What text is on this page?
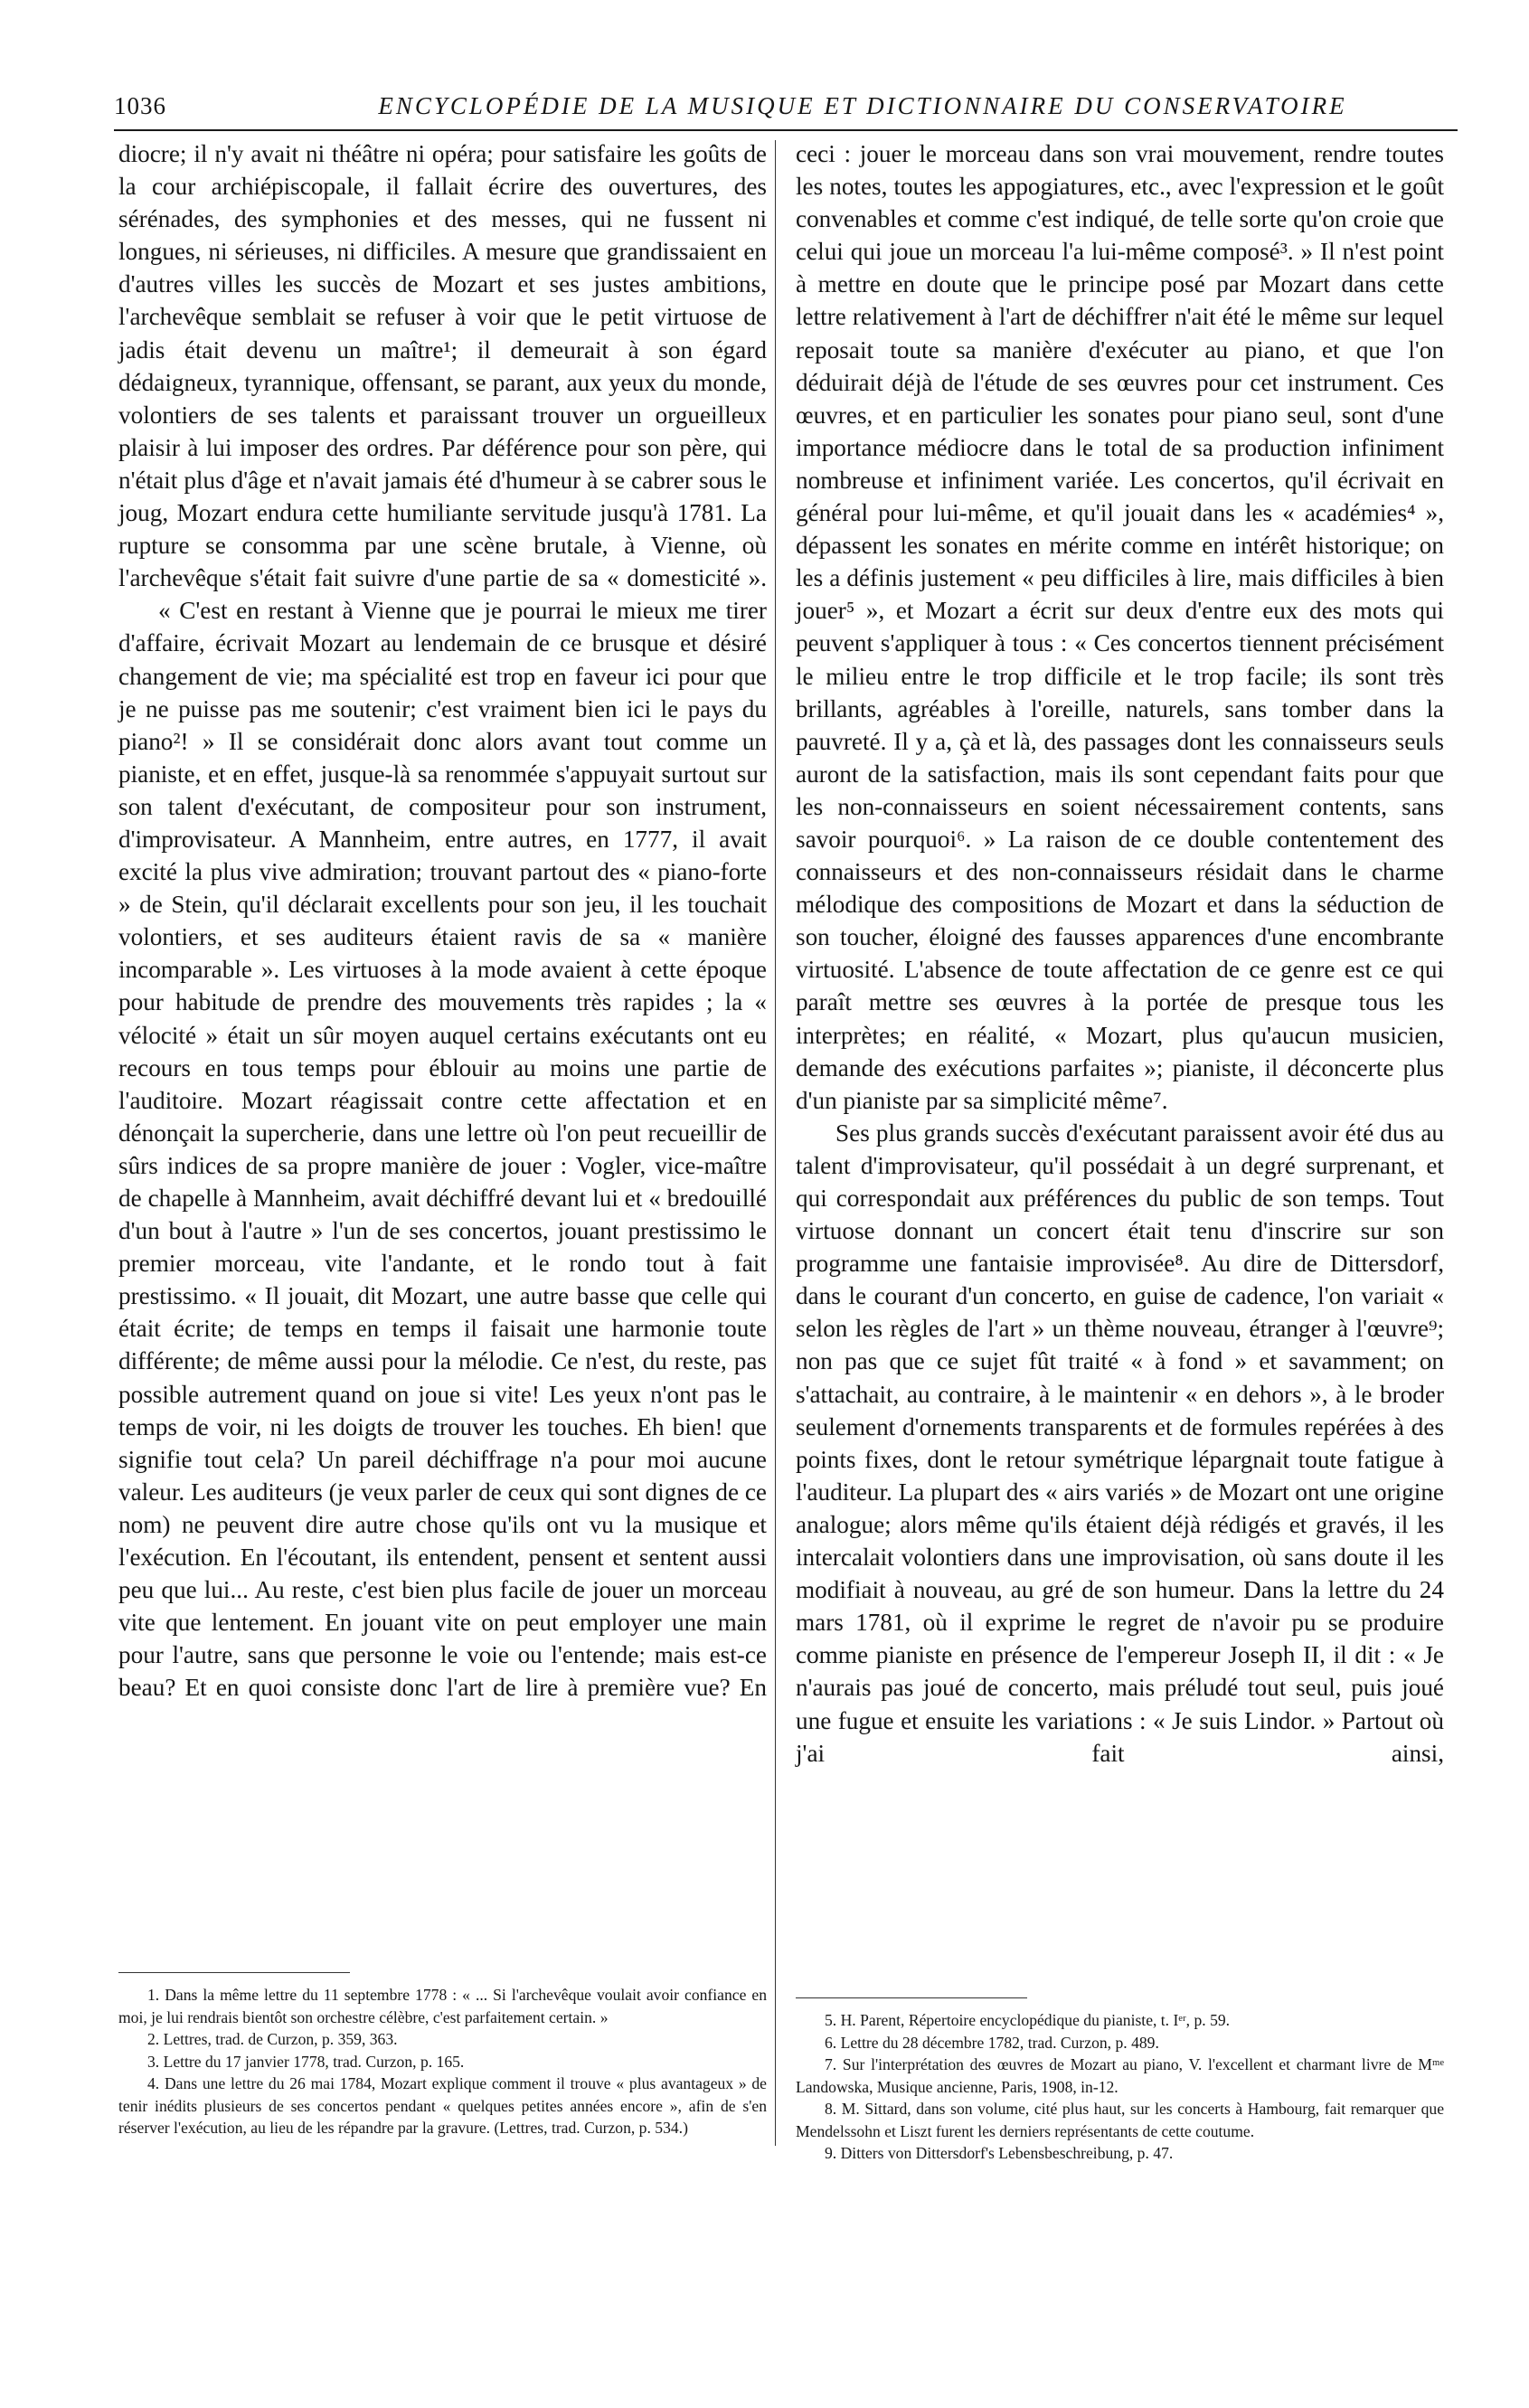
1036	ENCYCLOPÉDIE DE LA MUSIQUE ET DICTIONNAIRE DU CONSERVATOIRE

diocre; il n'y avait ni théâtre ni opéra; pour satisfaire les goûts de la cour archiépiscopale, il fallait écrire des ouvertures, des sérénades, des symphonies et des messes, qui ne fussent ni longues, ni sérieuses, ni difficiles. A mesure que grandissaient en d'autres villes les succès de Mozart et ses justes ambitions, l'archevêque semblait se refuser à voir que le petit virtuose de jadis était devenu un maître¹; il demeurait à son égard dédaigneux, tyrannique, offensant, se parant, aux yeux du monde, volontiers de ses talents et paraissant trouver un orgueilleux plaisir à lui imposer des ordres. Par déférence pour son père, qui n'était plus d'âge et n'avait jamais été d'humeur à se cabrer sous le joug, Mozart endura cette humiliante servitude jusqu'à 1781. La rupture se consomma par une scène brutale, à Vienne, où l'archevêque s'était fait suivre d'une partie de sa « domesticité ».

« C'est en restant à Vienne que je pourrai le mieux me tirer d'affaire, écrivait Mozart au lendemain de ce brusque et désiré changement de vie; ma spécialité est trop en faveur ici pour que je ne puisse pas me soutenir; c'est vraiment bien ici le pays du piano²! » Il se considérait donc alors avant tout comme un pianiste, et en effet, jusque-là sa renommée s'appuyait surtout sur son talent d'exécutant, de compositeur pour son instrument, d'improvisateur. A Mannheim, entre autres, en 1777, il avait excité la plus vive admiration; trouvant partout des « piano-forte » de Stein, qu'il déclarait excellents pour son jeu, il les touchait volontiers, et ses auditeurs étaient ravis de sa « manière incomparable ». Les virtuoses à la mode avaient à cette époque pour habitude de prendre des mouvements très rapides ; la « vélocité » était un sûr moyen auquel certains exécutants ont eu recours en tous temps pour éblouir au moins une partie de l'auditoire. Mozart réagissait contre cette affectation et en dénonçait la supercherie, dans une lettre où l'on peut recueillir de sûrs indices de sa propre manière de jouer : Vogler, vice-maître de chapelle à Mannheim, avait déchiffré devant lui et « bredouillé d'un bout à l'autre » l'un de ses concertos, jouant prestissimo le premier morceau, vite l'andante, et le rondo tout à fait prestissimo. « Il jouait, dit Mozart, une autre basse que celle qui était écrite; de temps en temps il faisait une harmonie toute différente; de même aussi pour la mélodie. Ce n'est, du reste, pas possible autrement quand on joue si vite! Les yeux n'ont pas le temps de voir, ni les doigts de trouver les touches. Eh bien! que signifie tout cela? Un pareil déchiffrage n'a pour moi aucune valeur. Les auditeurs (je veux parler de ceux qui sont dignes de ce nom) ne peuvent dire autre chose qu'ils ont vu la musique et l'exécution. En l'écoutant, ils entendent, pensent et sentent aussi peu que lui... Au reste, c'est bien plus facile de jouer un morceau vite que lentement. En jouant vite on peut employer une main pour l'autre, sans que personne le voie ou l'entende; mais est-ce beau? Et en quoi consiste donc l'art de lire à première vue? En

1. Dans la même lettre du 11 septembre 1778 : « ... Si l'archevêque voulait avoir confiance en moi, je lui rendrais bientôt son orchestre célèbre, c'est parfaitement certain. »

2. Lettres, trad. de Curzon, p. 359, 363.

3. Lettre du 17 janvier 1778, trad. Curzon, p. 165.

4. Dans une lettre du 26 mai 1784, Mozart explique comment il trouve « plus avantageux » de tenir inédits plusieurs de ses concertos pendant « quelques petites années encore », afin de s'en réserver l'exécution, au lieu de les répandre par la gravure. (Lettres, trad. Curzon, p. 534.)

ceci : jouer le morceau dans son vrai mouvement, rendre toutes les notes, toutes les appogiatures, etc., avec l'expression et le goût convenables et comme c'est indiqué, de telle sorte qu'on croie que celui qui joue un morceau l'a lui-même composé³. » Il n'est point à mettre en doute que le principe posé par Mozart dans cette lettre relativement à l'art de déchiffrer n'ait été le même sur lequel reposait toute sa manière d'exécuter au piano, et que l'on déduirait déjà de l'étude de ses œuvres pour cet instrument. Ces œuvres, et en particulier les sonates pour piano seul, sont d'une importance médiocre dans le total de sa production infiniment nombreuse et infiniment variée. Les concertos, qu'il écrivait en général pour lui-même, et qu'il jouait dans les « académies⁴ », dépassent les sonates en mérite comme en intérêt historique; on les a définis justement « peu difficiles à lire, mais difficiles à bien jouer⁵ », et Mozart a écrit sur deux d'entre eux des mots qui peuvent s'appliquer à tous : « Ces concertos tiennent précisément le milieu entre le trop difficile et le trop facile; ils sont très brillants, agréables à l'oreille, naturels, sans tomber dans la pauvreté. Il y a, çà et là, des passages dont les connaisseurs seuls auront de la satisfaction, mais ils sont cependant faits pour que les non-connaisseurs en soient nécessairement contents, sans savoir pourquoi⁶. » La raison de ce double contentement des connaisseurs et des non-connaisseurs résidait dans le charme mélodique des compositions de Mozart et dans la séduction de son toucher, éloigné des fausses apparences d'une encombrante virtuosité. L'absence de toute affectation de ce genre est ce qui paraît mettre ses œuvres à la portée de presque tous les interprètes; en réalité, « Mozart, plus qu'aucun musicien, demande des exécutions parfaites »; pianiste, il déconcerte plus d'un pianiste par sa simplicité même⁷.

Ses plus grands succès d'exécutant paraissent avoir été dus au talent d'improvisateur, qu'il possédait à un degré surprenant, et qui correspondait aux préférences du public de son temps. Tout virtuose donnant un concert était tenu d'inscrire sur son programme une fantaisie improvisée⁸. Au dire de Dittersdorf, dans le courant d'un concerto, en guise de cadence, l'on variait « selon les règles de l'art » un thème nouveau, étranger à l'œuvre⁹; non pas que ce sujet fût traité « à fond » et savamment; on s'attachait, au contraire, à le maintenir « en dehors », à le broder seulement d'ornements transparents et de formules repérées à des points fixes, dont le retour symétrique lépargnait toute fatigue à l'auditeur. La plupart des « airs variés » de Mozart ont une origine analogue; alors même qu'ils étaient déjà rédigés et gravés, il les intercalait volontiers dans une improvisation, où sans doute il les modifiait à nouveau, au gré de son humeur. Dans la lettre du 24 mars 1781, où il exprime le regret de n'avoir pu se produire comme pianiste en présence de l'empereur Joseph II, il dit : « Je n'aurais pas joué de concerto, mais préludé tout seul, puis joué une fugue et ensuite les variations : « Je suis Lindor. » Partout où j'ai fait ainsi,

5. H. Parent, Répertoire encyclopédique du pianiste, t. Iᵉʳ, p. 59.

6. Lettre du 28 décembre 1782, trad. Curzon, p. 489.

7. Sur l'interprétation des œuvres de Mozart au piano, V. l'excellent et charmant livre de Mᵐᵉ Landowska, Musique ancienne, Paris, 1908, in-12.

8. M. Sittard, dans son volume, cité plus haut, sur les concerts à Hambourg, fait remarquer que Mendelssohn et Liszt furent les derniers représentants de cette coutume.

9. Ditters von Dittersdorf's Lebensbeschreibung, p. 47.
